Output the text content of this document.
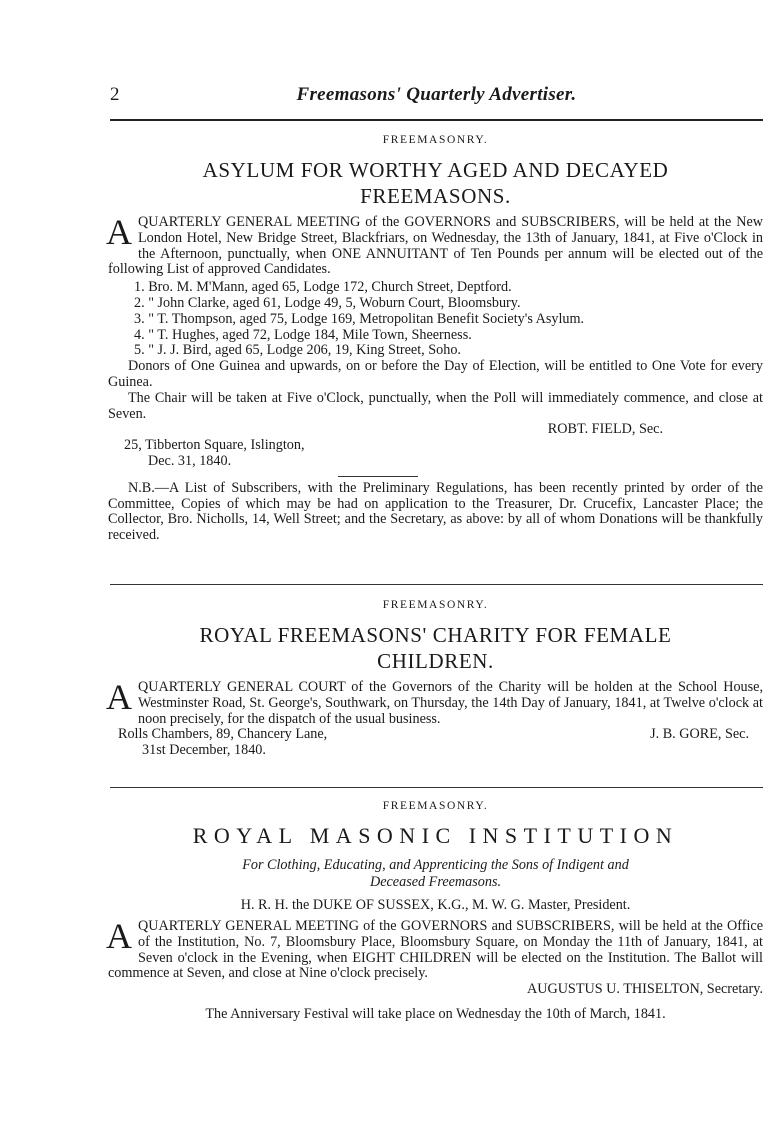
2	Freemasons' Quarterly Advertiser.
FREEMASONRY.
ASYLUM FOR WORTHY AGED AND DECAYED
FREEMASONS.

AQUARTERLY GENERAL MEETING of the GOVERNORS and SUBSCRIBERS, will be held at the New London Hotel, New Bridge Street, Blackfriars, on Wednesday, the 13th of January, 1841, at Five o'Clock in the Afternoon, punctually, when ONE ANNUITANT of Ten Pounds per annum will be elected out of the following List of approved Candidates.

1. Bro. M. M'Mann, aged 65, Lodge 172, Church Street, Deptford.
2. " John Clarke, aged 61, Lodge 49, 5, Woburn Court, Bloomsbury.
3. " T. Thompson, aged 75, Lodge 169, Metropolitan Benefit Society's Asylum.
4. " T. Hughes, aged 72, Lodge 184, Mile Town, Sheerness.
5. " J. J. Bird, aged 65, Lodge 206, 19, King Street, Soho.

Donors of One Guinea and upwards, on or before the Day of Election, will be entitled to One Vote for every Guinea.

The Chair will be taken at Five o'Clock, punctually, when the Poll will immediately commence, and close at Seven.

ROBT. FIELD, Sec.
25, Tibberton Square, Islington,
Dec. 31, 1840.

N.B.—A List of Subscribers, with the Preliminary Regulations, has been recently printed by order of the Committee, Copies of which may be had on application to the Treasurer, Dr. Crucefix, Lancaster Place; the Collector, Bro. Nicholls, 14, Well Street; and the Secretary, as above: by all of whom Donations will be thankfully received.

FREEMASONRY.
ROYAL FREEMASONS' CHARITY FOR FEMALE
CHILDREN.

AQUARTERLY GENERAL COURT of the Governors of the Charity will be holden at the School House, Westminster Road, St. George's, Southwark, on Thursday, the 14th Day of January, 1841, at Twelve o'clock at noon precisely, for the dispatch of the usual business.

Rolls Chambers, 89, Chancery Lane,	J. B. GORE, Sec.
31st December, 1840.
FREEMASONRY.
ROYAL MASONIC INSTITUTION
For Clothing, Educating, and Apprenticing the Sons of Indigent and
Deceased Freemasons.
H. R. H. the DUKE OF SUSSEX, K.G., M. W. G. Master, President.

AQUARTERLY GENERAL MEETING of the GOVERNORS and SUBSCRIBERS, will be held at the Office of the Institution, No. 7, Bloomsbury Place, Bloomsbury Square, on Monday the 11th of January, 1841, at Seven o'clock in the Evening, when EIGHT CHILDREN will be elected on the Institution. The Ballot will commence at Seven, and close at Nine o'clock precisely.

AUGUSTUS U. THISELTON, Secretary.
The Anniversary Festival will take place on Wednesday the 10th of March, 1841.
